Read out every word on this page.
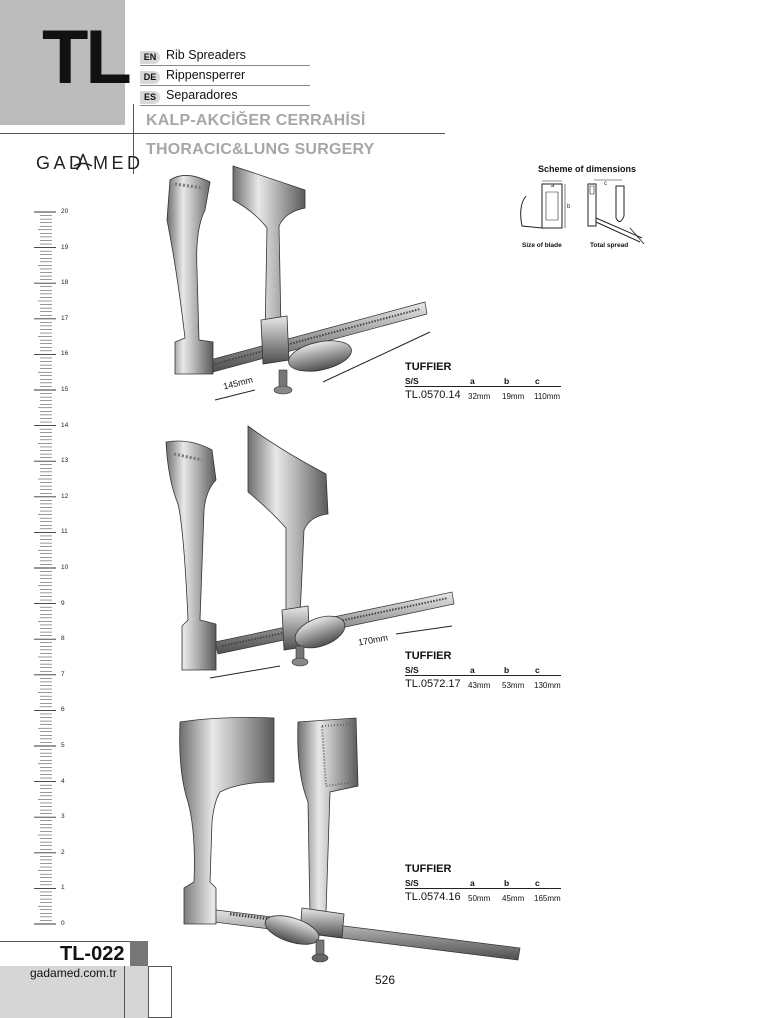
TL	EN Rib Spreaders
DE Rippensperrer
ES Separadores
KALP-AKCİĞER CERRAHİSİ
THORACIC&LUNG SURGERY
GAD MED	Scheme of dimensions
a
b
c
Size of blade	Total spread
20
19
18
17
16
15
14
13
12
11
10
9
8
7
6
5
4
3
2
1
0
145mm
TUFFIER
S/S	a	b	c
TL.0570.14 32mm 19mm 110mm
170mm
TUFFIER
S/S	a	b	c
TL.0572.17 43mm 53mm 130mm
TUFFIER
S/S	a	b	c
TL.0574.16 50mm 45mm 165mm
TL-022
gadamed.com.tr	526
